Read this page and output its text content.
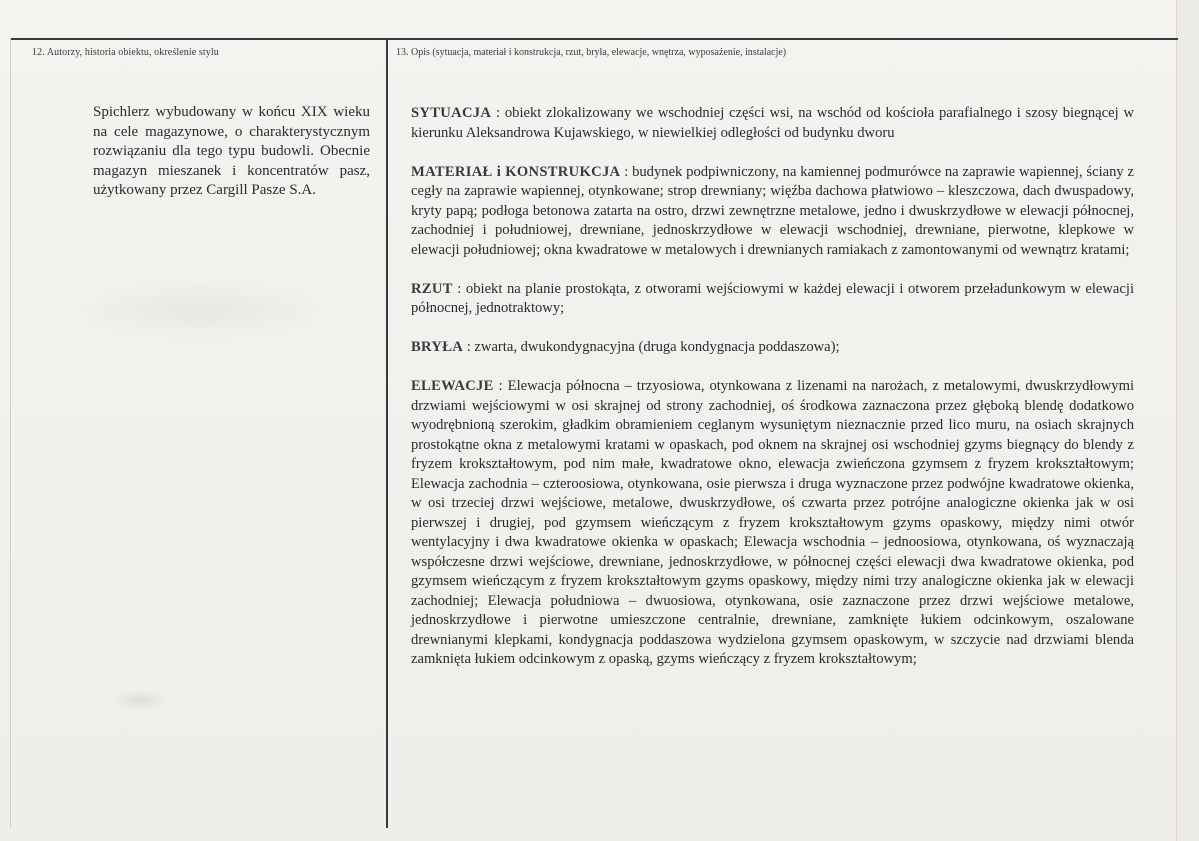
12. Autorzy, historia obiektu, określenie stylu	13. Opis (sytuacja, materiał i konstrukcja, rzut, bryła, elewacje, wnętrza, wyposażenie, instalacje)
Spichlerz wybudowany w końcu XIX wieku na cele magazynowe, o charakterystycznym rozwiązaniu dla tego typu budowli. Obecnie magazyn mieszanek i koncentratów pasz, użytkowany przez Cargill Pasze S.A.

SYTUACJA : obiekt zlokalizowany we wschodniej części wsi, na wschód od kościoła parafialnego i szosy biegnącej w kierunku Aleksandrowa Kujawskiego, w niewielkiej odległości od budynku dworu

MATERIAŁ i KONSTRUKCJA : budynek podpiwniczony, na kamiennej podmurówce na zaprawie wapiennej, ściany z cegły na zaprawie wapiennej, otynkowane; strop drewniany; więźba dachowa płatwiowo – kleszczowa, dach dwuspadowy, kryty papą; podłoga betonowa zatarta na ostro, drzwi zewnętrzne metalowe, jedno i dwuskrzydłowe w elewacji północnej, zachodniej i południowej, drewniane, jednoskrzydłowe w elewacji wschodniej, drewniane, pierwotne, klepkowe w elewacji południowej; okna kwadratowe w metalowych i drewnianych ramiakach z zamontowanymi od wewnątrz kratami;

RZUT : obiekt na planie prostokąta, z otworami wejściowymi w każdej elewacji i otworem przeładunkowym w elewacji północnej, jednotraktowy;

BRYŁA : zwarta, dwukondygnacyjna (druga kondygnacja poddaszowa);

ELEWACJE : Elewacja północna – trzyosiowa, otynkowana z lizenami na narożach, z metalowymi, dwuskrzydłowymi drzwiami wejściowymi w osi skrajnej od strony zachodniej, oś środkowa zaznaczona przez głęboką blendę dodatkowo wyodrębnioną szerokim, gładkim obramieniem ceglanym wysuniętym nieznacznie przed lico muru, na osiach skrajnych prostokątne okna z metalowymi kratami w opaskach, pod oknem na skrajnej osi wschodniej gzyms biegnący do blendy z fryzem krokształtowym, pod nim małe, kwadratowe okno, elewacja zwieńczona gzymsem z fryzem krokształtowym; Elewacja zachodnia – czteroosiowa, otynkowana, osie pierwsza i druga wyznaczone przez podwójne kwadratowe okienka, w osi trzeciej drzwi wejściowe, metalowe, dwuskrzydłowe, oś czwarta przez potrójne analogiczne okienka jak w osi pierwszej i drugiej, pod gzymsem wieńczącym z fryzem krokształtowym gzyms opaskowy, między nimi otwór wentylacyjny i dwa kwadratowe okienka w opaskach; Elewacja wschodnia – jednoosiowa, otynkowana, oś wyznaczają współczesne drzwi wejściowe, drewniane, jednoskrzydłowe, w północnej części elewacji dwa kwadratowe okienka, pod gzymsem wieńczącym z fryzem krokształtowym gzyms opaskowy, między nimi trzy analogiczne okienka jak w elewacji zachodniej; Elewacja południowa – dwuosiowa, otynkowana, osie zaznaczone przez drzwi wejściowe metalowe, jednoskrzydłowe i pierwotne umieszczone centralnie, drewniane, zamknięte łukiem odcinkowym, oszalowane drewnianymi klepkami, kondygnacja poddaszowa wydzielona gzymsem opaskowym, w szczycie nad drzwiami blenda zamknięta łukiem odcinkowym z opaską, gzyms wieńczący z fryzem krokształtowym;
